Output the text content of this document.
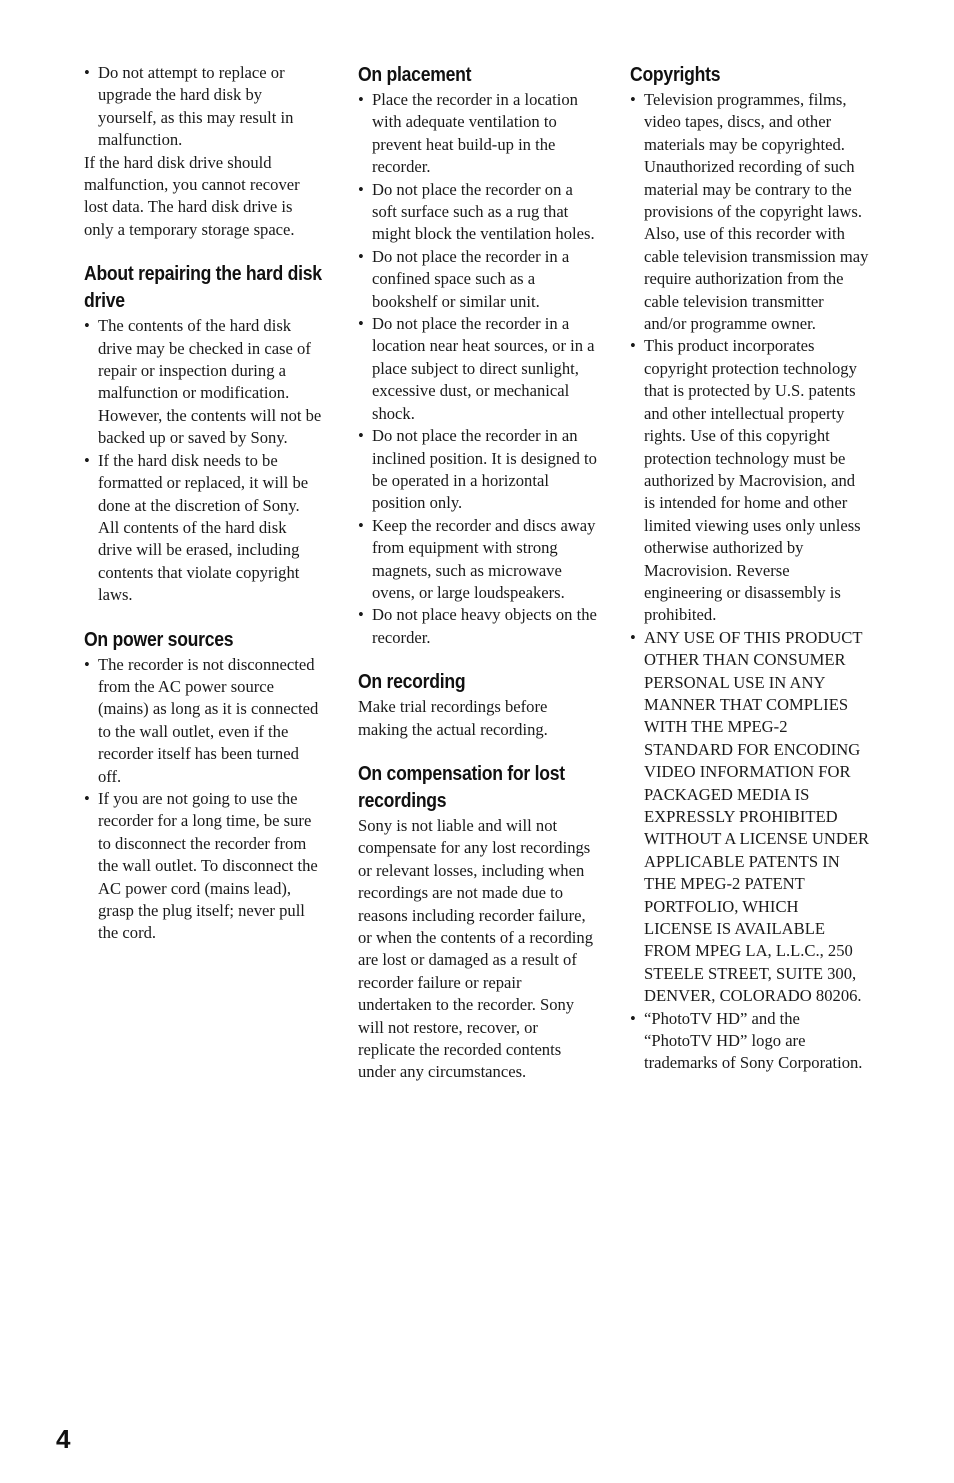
• Do not attempt to replace or upgrade the hard disk by yourself, as this may result in malfunction.

If the hard disk drive should malfunction, you cannot recover lost data. The hard disk drive is only a temporary storage space.

About repairing the hard disk drive
• The contents of the hard disk drive may be checked in case of repair or inspection during a malfunction or modification. However, the contents will not be backed up or saved by Sony.
• If the hard disk needs to be formatted or replaced, it will be done at the discretion of Sony. All contents of the hard disk drive will be erased, including contents that violate copyright laws.
On power sources
• The recorder is not disconnected from the AC power source (mains) as long as it is connected to the wall outlet, even if the recorder itself has been turned off.
• If you are not going to use the recorder for a long time, be sure to disconnect the recorder from the wall outlet. To disconnect the AC power cord (mains lead), grasp the plug itself; never pull the cord.
On placement
• Place the recorder in a location with adequate ventilation to prevent heat build-up in the recorder.
• Do not place the recorder on a soft surface such as a rug that might block the ventilation holes.
• Do not place the recorder in a confined space such as a bookshelf or similar unit.
• Do not place the recorder in a location near heat sources, or in a place subject to direct sunlight, excessive dust, or mechanical shock.
• Do not place the recorder in an inclined position. It is designed to be operated in a horizontal position only.
• Keep the recorder and discs away from equipment with strong magnets, such as microwave ovens, or large loudspeakers.
• Do not place heavy objects on the recorder.
On recording

Make trial recordings before making the actual recording.

On compensation for lost recordings

Sony is not liable and will not compensate for any lost recordings or relevant losses, including when recordings are not made due to reasons including recorder failure, or when the contents of a recording are lost or damaged as a result of recorder failure or repair undertaken to the recorder. Sony will not restore, recover, or replicate the recorded contents under any circumstances.

Copyrights
• Television programmes, films, video tapes, discs, and other materials may be copyrighted. Unauthorized recording of such material may be contrary to the provisions of the copyright laws. Also, use of this recorder with cable television transmission may require authorization from the cable television transmitter and/or programme owner.
• This product incorporates copyright protection technology that is protected by U.S. patents and other intellectual property rights. Use of this copyright protection technology must be authorized by Macrovision, and is intended for home and other limited viewing uses only unless otherwise authorized by Macrovision. Reverse engineering or disassembly is prohibited.
• ANY USE OF THIS PRODUCT OTHER THAN CONSUMER PERSONAL USE IN ANY MANNER THAT COMPLIES WITH THE MPEG-2 STANDARD FOR ENCODING VIDEO INFORMATION FOR PACKAGED MEDIA IS EXPRESSLY PROHIBITED WITHOUT A LICENSE UNDER APPLICABLE PATENTS IN THE MPEG-2 PATENT PORTFOLIO, WHICH LICENSE IS AVAILABLE FROM MPEG LA, L.L.C., 250 STEELE STREET, SUITE 300, DENVER, COLORADO 80206.
• “PhotoTV HD” and the “PhotoTV HD” logo are trademarks of Sony Corporation.
4
